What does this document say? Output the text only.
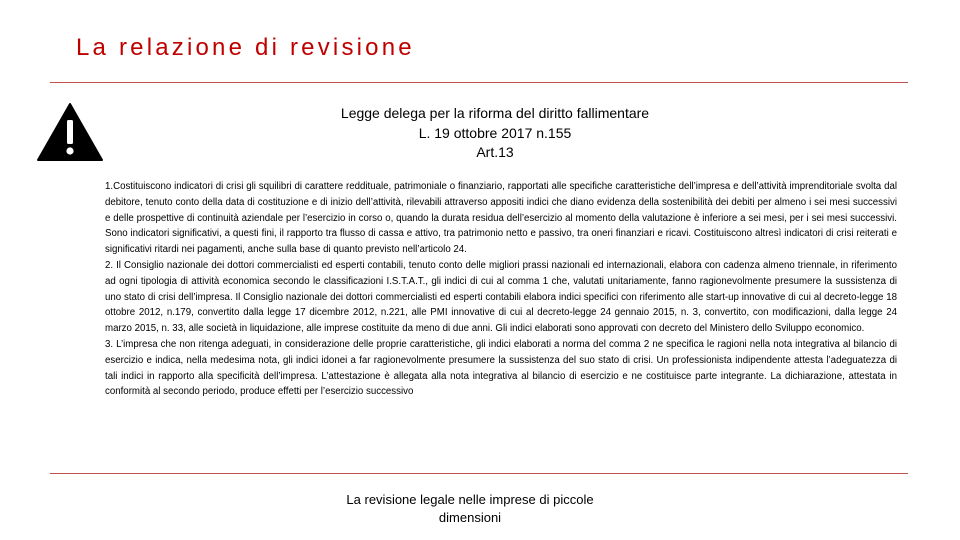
La relazione di revisione
Legge delega per la riforma del diritto fallimentare
L. 19 ottobre 2017 n.155
Art.13

1.Costituiscono indicatori di crisi gli squilibri di carattere reddituale, patrimoniale o finanziario, rapportati alle specifiche caratteristiche dell’impresa e dell’attività imprenditoriale svolta dal debitore, tenuto conto della data di costituzione e di inizio dell’attività, rilevabili attraverso appositi indici che diano evidenza della sostenibilità dei debiti per almeno i sei mesi successivi e delle prospettive di continuità aziendale per l’esercizio in corso o, quando la durata residua dell’esercizio al momento della valutazione è inferiore a sei mesi, per i sei mesi successivi. Sono indicatori significativi, a questi fini, il rapporto tra flusso di cassa e attivo, tra patrimonio netto e passivo, tra oneri finanziari e ricavi. Costituiscono altresì indicatori di crisi reiterati e significativi ritardi nei pagamenti, anche sulla base di quanto previsto nell’articolo 24.

2. Il Consiglio nazionale dei dottori commercialisti ed esperti contabili, tenuto conto delle migliori prassi nazionali ed internazionali, elabora con cadenza almeno triennale, in riferimento ad ogni tipologia di attività economica secondo le classificazioni I.S.T.A.T., gli indici di cui al comma 1 che, valutati unitariamente, fanno ragionevolmente presumere la sussistenza di uno stato di crisi dell’impresa. Il Consiglio nazionale dei dottori commercialisti ed esperti contabili elabora indici specifici con riferimento alle start-up innovative di cui al decreto-legge 18 ottobre 2012, n.179, convertito dalla legge 17 dicembre 2012, n.221, alle PMI innovative di cui al decreto-legge 24 gennaio 2015, n. 3, convertito, con modificazioni, dalla legge 24 marzo 2015, n. 33, alle società in liquidazione, alle imprese costituite da meno di due anni. Gli indici elaborati sono approvati con decreto del Ministero dello Sviluppo economico.

3. L’impresa che non ritenga adeguati, in considerazione delle proprie caratteristiche, gli indici elaborati a norma del comma 2 ne specifica le ragioni nella nota integrativa al bilancio di esercizio e indica, nella medesima nota, gli indici idonei a far ragionevolmente presumere la sussistenza del suo stato di crisi. Un professionista indipendente attesta l’adeguatezza di tali indici in rapporto alla specificità dell’impresa. L’attestazione è allegata alla nota integrativa al bilancio di esercizio e ne costituisce parte integrante. La dichiarazione, attestata in conformità al secondo periodo, produce effetti per l’esercizio successivo

La revisione legale nelle imprese di piccole
dimensioni
